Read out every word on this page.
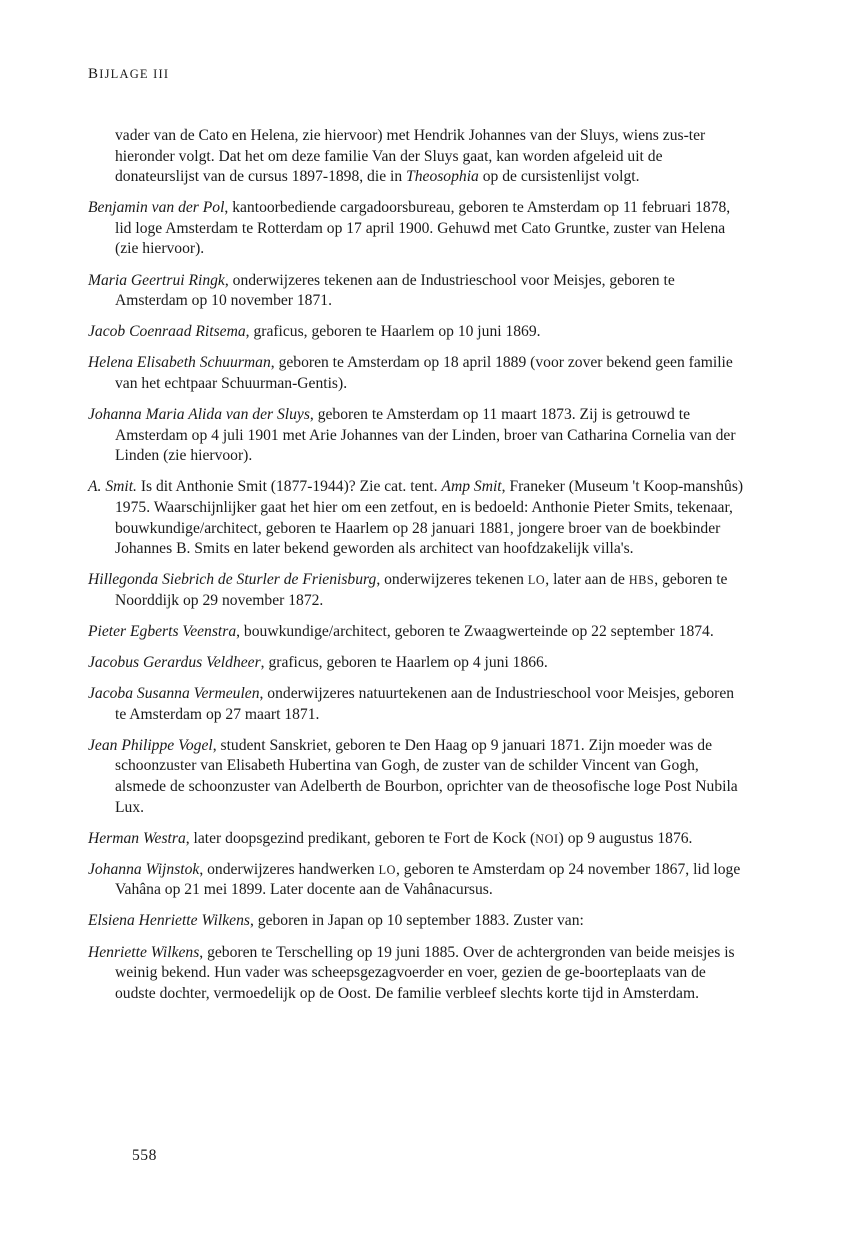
BIJLAGE III

vader van de Cato en Helena, zie hiervoor) met Hendrik Johannes van der Sluys, wiens zus-ter hieronder volgt. Dat het om deze familie Van der Sluys gaat, kan worden afgeleid uit de donateurslijst van de cursus 1897-1898, die in Theosophia op de cursistenlijst volgt.

Benjamin van der Pol, kantoorbediende cargadoorsbureau, geboren te Amsterdam op 11 februari 1878, lid loge Amsterdam te Rotterdam op 17 april 1900. Gehuwd met Cato Gruntke, zuster van Helena (zie hiervoor).

Maria Geertrui Ringk, onderwijzeres tekenen aan de Industrieschool voor Meisjes, geboren te Amsterdam op 10 november 1871.

Jacob Coenraad Ritsema, graficus, geboren te Haarlem op 10 juni 1869.

Helena Elisabeth Schuurman, geboren te Amsterdam op 18 april 1889 (voor zover bekend geen familie van het echtpaar Schuurman-Gentis).

Johanna Maria Alida van der Sluys, geboren te Amsterdam op 11 maart 1873. Zij is getrouwd te Amsterdam op 4 juli 1901 met Arie Johannes van der Linden, broer van Catharina Cornelia van der Linden (zie hiervoor).

A. Smit. Is dit Anthonie Smit (1877-1944)? Zie cat. tent. Amp Smit, Franeker (Museum 't Koop-manshûs) 1975. Waarschijnlijker gaat het hier om een zetfout, en is bedoeld: Anthonie Pieter Smits, tekenaar, bouwkundige/architect, geboren te Haarlem op 28 januari 1881, jongere broer van de boekbinder Johannes B. Smits en later bekend geworden als architect van hoofdzakelijk villa's.

Hillegonda Siebrich de Sturler de Frienisburg, onderwijzeres tekenen LO, later aan de HBS, geboren te Noorddijk op 29 november 1872.

Pieter Egberts Veenstra, bouwkundige/architect, geboren te Zwaagwerteinde op 22 september 1874.

Jacobus Gerardus Veldheer, graficus, geboren te Haarlem op 4 juni 1866.

Jacoba Susanna Vermeulen, onderwijzeres natuurtekenen aan de Industrieschool voor Meisjes, geboren te Amsterdam op 27 maart 1871.

Jean Philippe Vogel, student Sanskriet, geboren te Den Haag op 9 januari 1871. Zijn moeder was de schoonzuster van Elisabeth Hubertina van Gogh, de zuster van de schilder Vincent van Gogh, alsmede de schoonzuster van Adelberth de Bourbon, oprichter van de theosofische loge Post Nubila Lux.

Herman Westra, later doopsgezind predikant, geboren te Fort de Kock (NOI) op 9 augustus 1876.

Johanna Wijnstok, onderwijzeres handwerken LO, geboren te Amsterdam op 24 november 1867, lid loge Vahâna op 21 mei 1899. Later docente aan de Vahânacursus.

Elsiena Henriette Wilkens, geboren in Japan op 10 september 1883. Zuster van:

Henriette Wilkens, geboren te Terschelling op 19 juni 1885. Over de achtergronden van beide meisjes is weinig bekend. Hun vader was scheepsgezagvoerder en voer, gezien de ge-boorteplaats van de oudste dochter, vermoedelijk op de Oost. De familie verbleef slechts korte tijd in Amsterdam.

558
